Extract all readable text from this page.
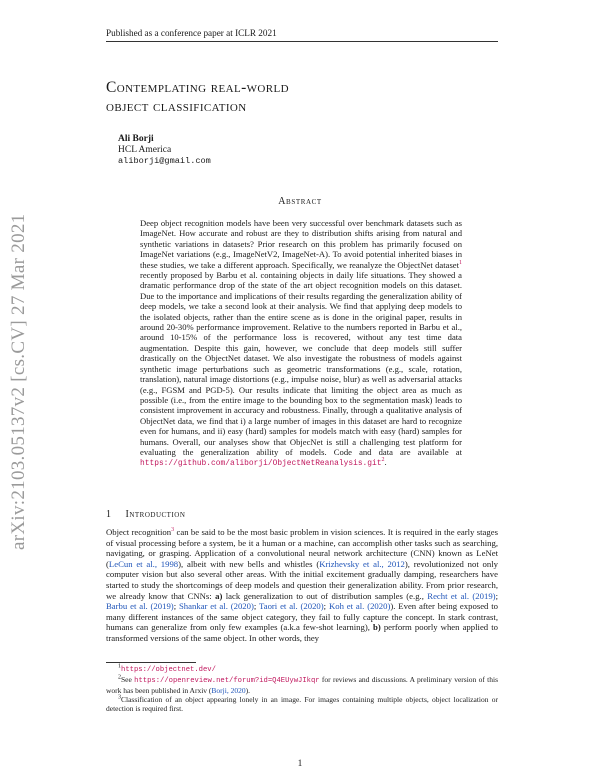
Published as a conference paper at ICLR 2021
arXiv:2103.05137v2 [cs.CV] 27 Mar 2021
Contemplating real-world
object classification
Ali Borji
HCL America
aliborji@gmail.com
Abstract
Deep object recognition models have been very successful over benchmark datasets such as ImageNet. How accurate and robust are they to distribution shifts arising from natural and synthetic variations in datasets? Prior research on this problem has primarily focused on ImageNet variations (e.g., ImageNetV2, ImageNet-A). To avoid potential inherited biases in these studies, we take a different approach. Specifically, we reanalyze the ObjectNet dataset$^1$ recently proposed by Barbu et al. containing objects in daily life situations. They showed a dramatic performance drop of the state of the art object recognition models on this dataset. Due to the importance and implications of their results regarding the generalization ability of deep models, we take a second look at their analysis. We find that applying deep models to the isolated objects, rather than the entire scene as is done in the original paper, results in around 20-30% performance improvement. Relative to the numbers reported in Barbu et al., around 10-15% of the performance loss is recovered, without any test time data augmentation. Despite this gain, however, we conclude that deep models still suffer drastically on the ObjectNet dataset. We also investigate the robustness of models against synthetic image perturbations such as geometric transformations (e.g., scale, rotation, translation), natural image distortions (e.g., impulse noise, blur) as well as adversarial attacks (e.g., FGSM and PGD-5). Our results indicate that limiting the object area as much as possible (i.e., from the entire image to the bounding box to the segmentation mask) leads to consistent improvement in accuracy and robustness. Finally, through a qualitative analysis of ObjectNet data, we find that i) a large number of images in this dataset are hard to recognize even for humans, and ii) easy (hard) samples for models match with easy (hard) samples for humans. Overall, our analyses show that ObjecNet is still a challenging test platform for evaluating the generalization ability of models. Code and data are available at https://github.com/aliborji/ObjectNetReanalysis.git$^2$.
1 Introduction
Object recognition$^3$ can be said to be the most basic problem in vision sciences. It is required in the early stages of visual processing before a system, be it a human or a machine, can accomplish other tasks such as searching, navigating, or grasping. Application of a convolutional neural network architecture (CNN) known as LeNet (LeCun et al., 1998), albeit with new bells and whistles (Krizhevsky et al., 2012), revolutionized not only computer vision but also several other areas. With the initial excitement gradually damping, researchers have started to study the shortcomings of deep models and question their generalization ability. From prior research, we already know that CNNs: a) lack generalization to out of distribution samples (e.g., Recht et al. (2019); Barbu et al. (2019); Shankar et al. (2020); Taori et al. (2020); Koh et al. (2020)). Even after being exposed to many different instances of the same object category, they fail to fully capture the concept. In stark contrast, humans can generalize from only few examples (a.k.a few-shot learning), b) perform poorly when applied to transformed versions of the same object. In other words, they
$^1$https://objectnet.dev/
$^2$See https://openreview.net/forum?id=Q4EUywJIkqr for reviews and discussions. A preliminary version of this work has been published in Arxiv (Borji, 2020).
$^3$Classification of an object appearing lonely in an image. For images containing multiple objects, object localization or detection is required first.
1
